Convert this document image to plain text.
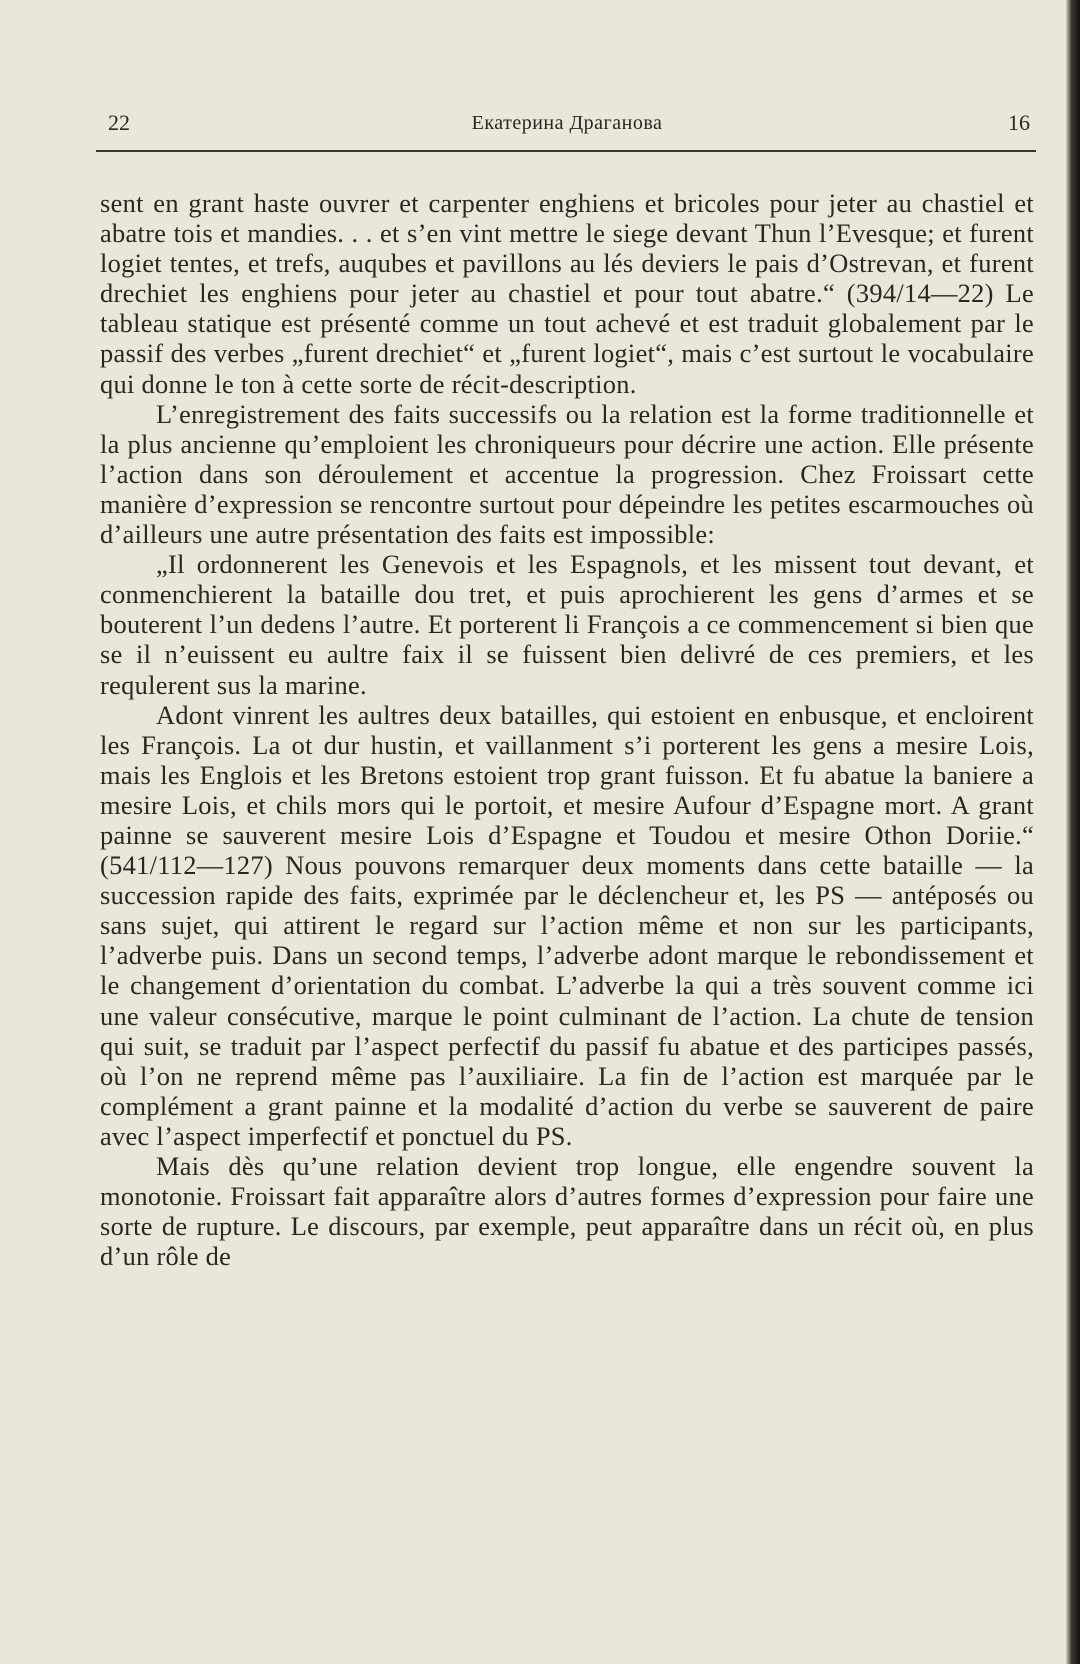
22	Екатерина Драганова	16

sent en grant haste ouvrer et carpenter enghiens et bricoles pour jeter au chastiel et abatre tois et mandies. . . et s’en vint mettre le siege devant Thun l’Evesque; et furent logiet tentes, et trefs, auqubes et pavillons au lés deviers le pais d’Ostrevan, et furent drechiet les enghiens pour jeter au chastiel et pour tout abatre.“ (394/14—22) Le tableau statique est présenté comme un tout achevé et est traduit globalement par le passif des verbes „furent drechiet“ et „furent logiet“, mais c’est surtout le vocabulaire qui donne le ton à cette sorte de récit-description.

L’enregistrement des faits successifs ou la relation est la forme traditionnelle et la plus ancienne qu’emploient les chroniqueurs pour décrire une action. Elle présente l’action dans son déroulement et accentue la progression. Chez Froissart cette manière d’expression se rencontre surtout pour dépeindre les petites escarmouches où d’ailleurs une autre présentation des faits est impossible:

„Il ordonnerent les Genevois et les Espagnols, et les missent tout devant, et conmenchierent la bataille dou tret, et puis aprochierent les gens d’armes et se bouterent l’un dedens l’autre. Et porterent li François a ce commencement si bien que se il n’euissent eu aultre faix il se fuissent bien delivré de ces premiers, et les requlerent sus la marine.

Adont vinrent les aultres deux batailles, qui estoient en enbusque, et encloirent les François. La ot dur hustin, et vaillanment s’i porterent les gens a mesire Lois, mais les Englois et les Bretons estoient trop grant fuisson. Et fu abatue la baniere a mesire Lois, et chils mors qui le portoit, et mesire Aufour d’Espagne mort. A grant painne se sauverent mesire Lois d’Espagne et Toudou et mesire Othon Doriie.“ (541/112—127) Nous pouvons remarquer deux moments dans cette bataille — la succession rapide des faits, exprimée par le déclencheur et, les PS — antéposés ou sans sujet, qui attirent le regard sur l’action même et non sur les participants, l’adverbe puis. Dans un second temps, l’adverbe adont marque le rebondissement et le changement d’orientation du combat. L’adverbe la qui a très souvent comme ici une valeur consécutive, marque le point culminant de l’action. La chute de tension qui suit, se traduit par l’aspect perfectif du passif fu abatue et des participes passés, où l’on ne reprend même pas l’auxiliaire. La fin de l’action est marquée par le complément a grant painne et la modalité d’action du verbe se sauverent de paire avec l’aspect imperfectif et ponctuel du PS.

Mais dès qu’une relation devient trop longue, elle engendre souvent la monotonie. Froissart fait apparaître alors d’autres formes d’expression pour faire une sorte de rupture. Le discours, par exemple, peut apparaître dans un récit où, en plus d’un rôle de
